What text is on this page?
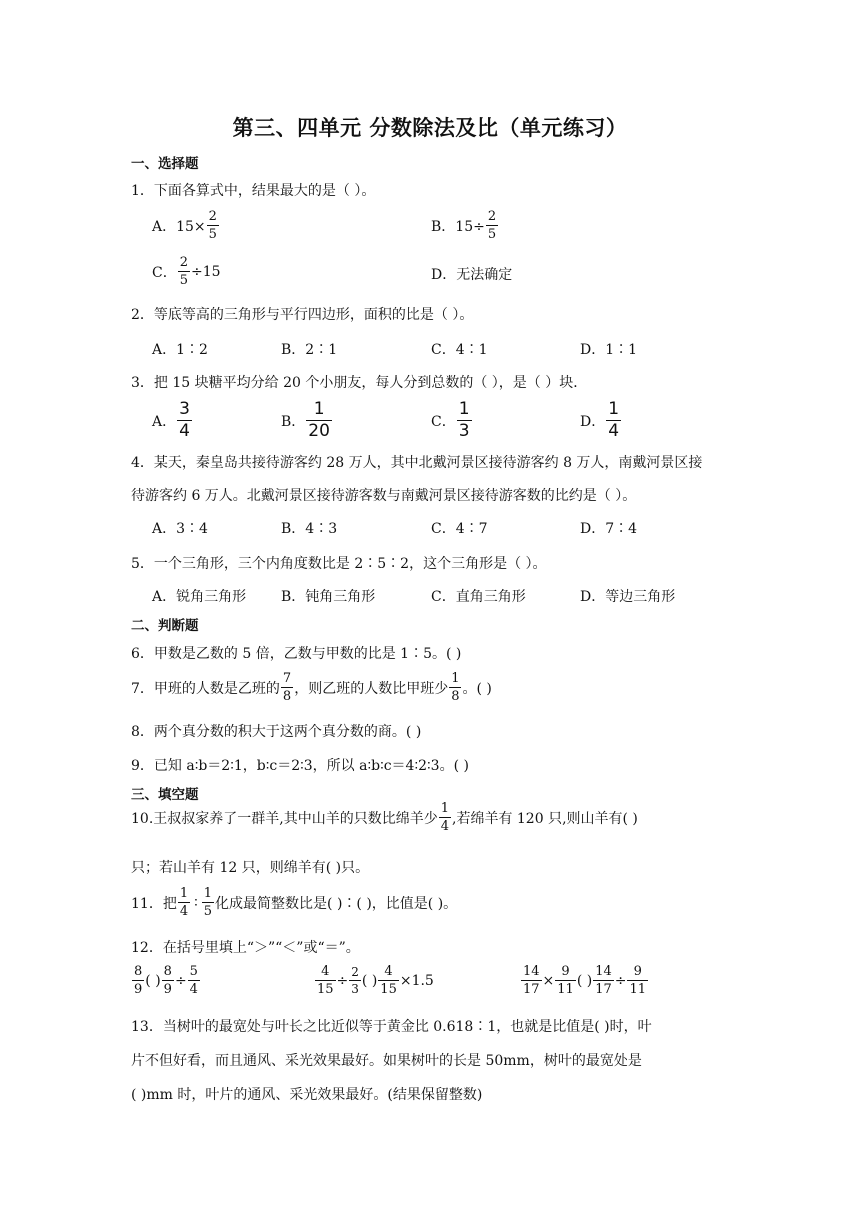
第三、四单元 分数除法及比（单元练习）
一、选择题
1．下面各算式中，结果最大的是（ ）。
A．$15\times \frac{2}{5}$	B．$15\div \frac{2}{5}$
C． $\frac{2}{5} \div 15$	D．无法确定
2．等底等高的三角形与平行四边形，面积的比是（ ）。
A．1∶2	B．2∶1	C．4∶1	D．1∶1
3．把 15 块糖平均分给 20 个小朋友，每人分到总数的（ ），是（ ）块．
A． $\frac{3}{4}$	B． $\frac{1}{20}$	C． $\frac{1}{3}$	D． $\frac{1}{4}$
4．某天，秦皇岛共接待游客约 28 万人，其中北戴河景区接待游客约 8 万人，南戴河景区接
待游客约 6 万人。北戴河景区接待游客数与南戴河景区接待游客数的比约是（ ）。
A．3∶4	B．4∶3	C．4∶7	D．7∶4
5．一个三角形，三个内角度数比是 2∶5∶2，这个三角形是（ ）。
A．锐角三角形 B．钝角三角形	C．直角三角形	D．等边三角形
二、判断题
6．甲数是乙数的 5 倍，乙数与甲数的比是 1∶5。( )
7．甲班的人数是乙班的 $\frac{7}{8}$ ，则乙班的人数比甲班少 $\frac{1}{8}$ 。( )
8．两个真分数的积大于这两个真分数的商。( )
9．已知 a∶b＝2∶1，b∶c＝2∶3，所以 a∶b∶c＝4∶2∶3。( )
三、填空题
10.王叔叔家养了一群羊,其中山羊的只数比绵羊少 $\frac{1}{4}$ ,若绵羊有 120 只,则山羊有( )
只；若山羊有 12 只，则绵羊有( )只。
11．把 $\frac{1}{4}$ ∶ $\frac{1}{5}$ 化成最简整数比是( )∶( )，比值是( )。
12．在括号里填上“＞”“＜”或“＝”。
$\frac{8}{9}$ ( ) $\frac{8}{9} \div \frac{5}{4}$	$\frac{4}{15} \div \frac{2}{3}$ ( ) $\frac{4}{15} \times 1.5$	$\frac{14}{17} \times \frac{9}{11}$ ( ) $\frac{14}{17} \div \frac{9}{11}$
13．当树叶的最宽处与叶长之比近似等于黄金比 0.618∶1，也就是比值是( )时，叶
片不但好看，而且通风、采光效果最好。如果树叶的长是 50mm，树叶的最宽处是
( )mm 时，叶片的通风、采光效果最好。(结果保留整数)
